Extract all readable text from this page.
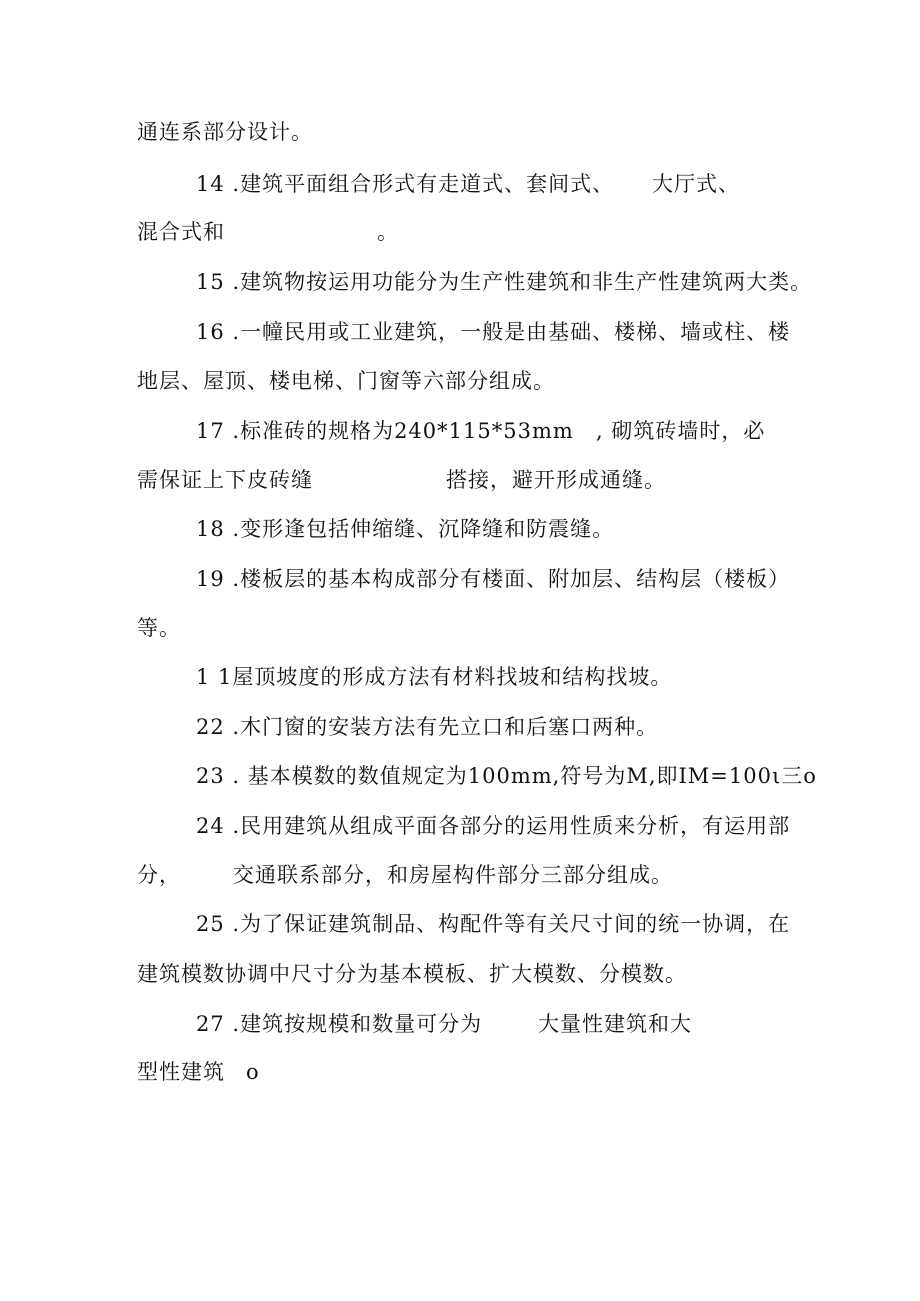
通连系部分设计。
14 .建筑平面组合形式有走道式、套间式、 大厅式、
混合式和	。
15 .建筑物按运用功能分为生产性建筑和非生产性建筑两大类。
16 .一幢民用或工业建筑，一般是由基础、楼梯、墙或柱、楼
地层、屋顶、楼电梯、门窗等六部分组成。
17 .标准砖的规格为240*115*53mm , 砌筑砖墙时，必
需保证上下皮砖缝	搭接，避开形成通缝。
18 .变形逢包括伸缩缝、沉降缝和防震缝。
19 .楼板层的基本构成部分有楼面、附加层、结构层（楼板）
等。
1 1屋顶坡度的形成方法有材料找坡和结构找坡。
22 .木门窗的安装方法有先立口和后塞口两种。
23 . 基本模数的数值规定为100mm,符号为M,即IM=100ι三o
24 .民用建筑从组成平面各部分的运用性质来分析，有运用部
分， 交通联系部分，和房屋构件部分三部分组成。
25 .为了保证建筑制品、构配件等有关尺寸间的统一协调，在
建筑模数协调中尺寸分为基本模板、扩大模数、分模数。
27 .建筑按规模和数量可分为	大量性建筑和大
型性建筑 o
